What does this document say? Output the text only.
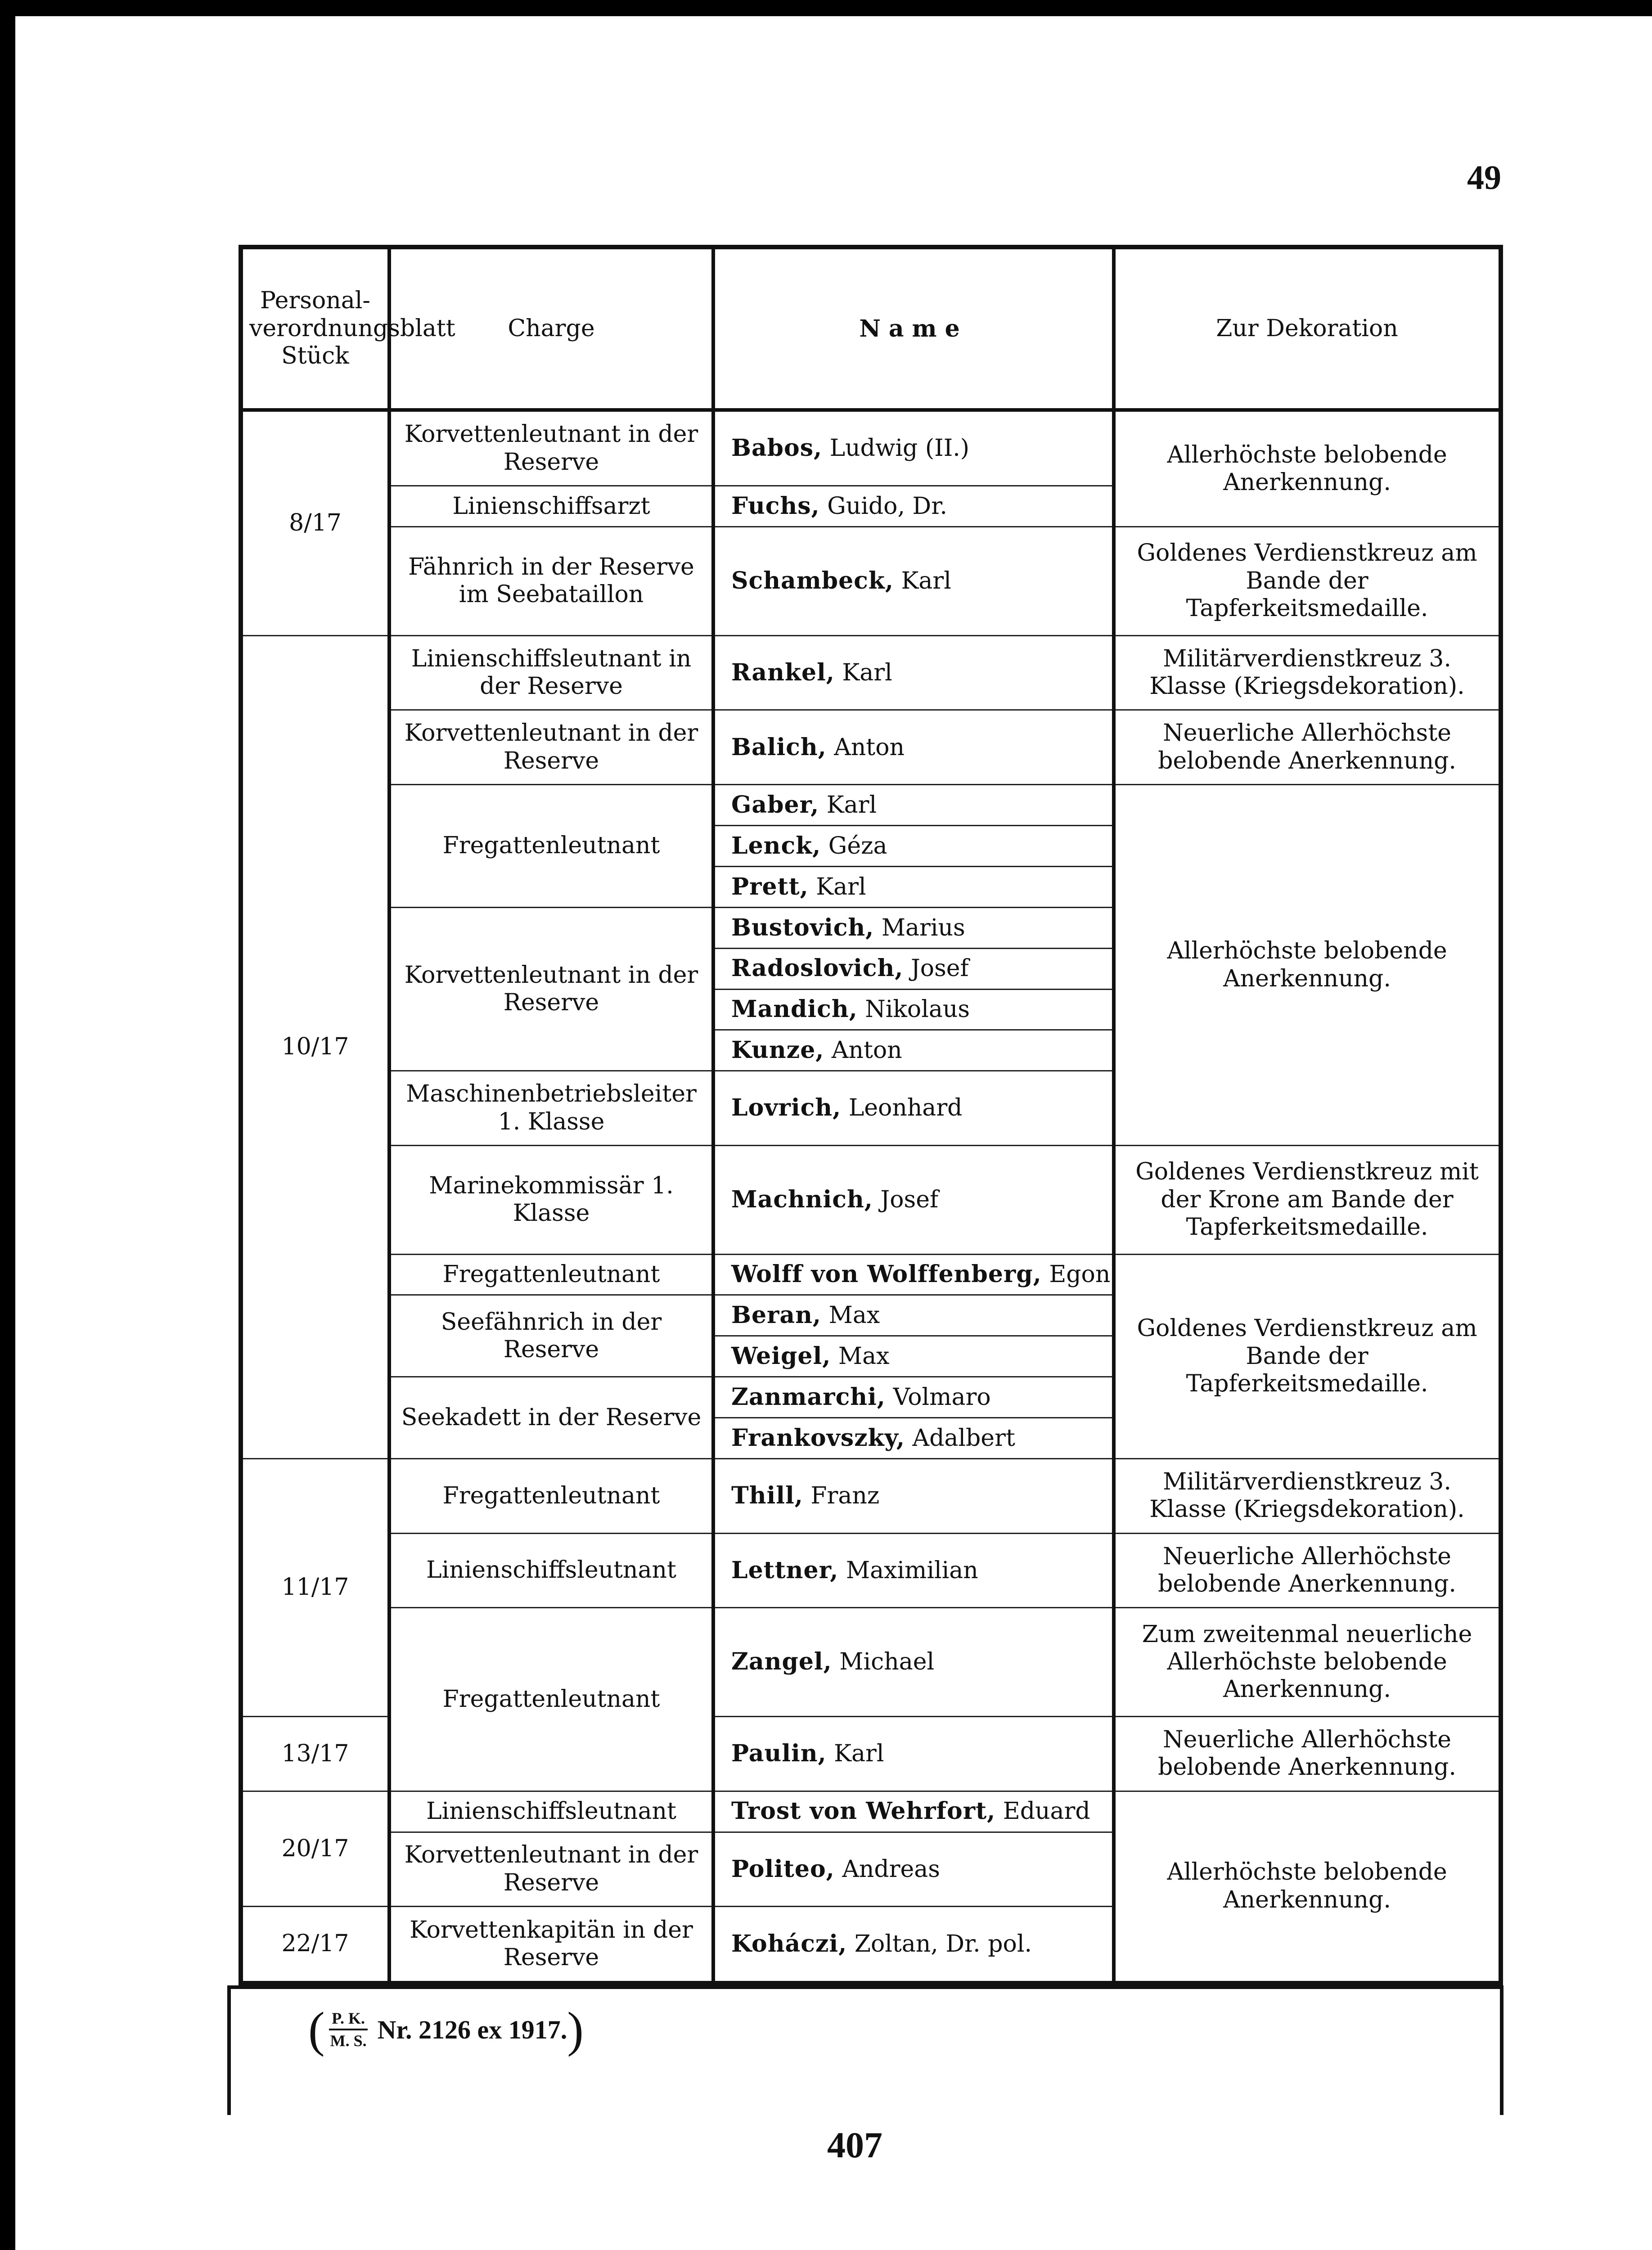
49
Personal-verordnungsblatt Stück	Charge	Name	Zur Dekoration
8/17	Korvettenleutnant in der Reserve	Babos, Ludwig (II.)	Allerhöchste belobende Anerkennung.
	Linienschiffsarzt	Fuchs, Guido, Dr.	
	Fähnrich in der Reserve im Seebataillon	Schambeck, Karl	Goldenes Verdienstkreuz am Bande der Tapferkeitsmedaille.
10/17	Linienschiffsleutnant in der Reserve	Rankel, Karl	Militärverdienstkreuz 3. Klasse (Kriegsdekoration).
	Korvettenleutnant in der Reserve	Balich, Anton	Neuerliche Allerhöchste belobende Anerkennung.
	Fregattenleutnant	Gaber, Karl	Allerhöchste belobende Anerkennung.
		Lenck, Géza	
		Prett, Karl	
	Korvettenleutnant in der Reserve	Bustovich, Marius	
		Radoslovich, Josef	
		Mandich, Nikolaus	
		Kunze, Anton	
	Maschinenbetriebsleiter 1. Klasse	Lovrich, Leonhard	
	Marinekommissär 1. Klasse	Machnich, Josef	Goldenes Verdienstkreuz mit der Krone am Bande der Tapferkeitsmedaille.
	Fregattenleutnant	Wolff von Wolffenberg, Egon	Goldenes Verdienstkreuz am Bande der Tapferkeitsmedaille.
	Seefähnrich in der Reserve	Beran, Max	
		Weigel, Max	
	Seekadett in der Reserve	Zanmarchi, Volmaro	
		Frankovszky, Adalbert	
11/17	Fregattenleutnant	Thill, Franz	Militärverdienstkreuz 3. Klasse (Kriegsdekoration).
	Linienschiffsleutnant	Lettner, Maximilian	Neuerliche Allerhöchste belobende Anerkennung.
	Fregattenleutnant	Zangel, Michael	Zum zweitenmal neuerliche Allerhöchste belobende Anerkennung.
13/17		Paulin, Karl	Neuerliche Allerhöchste belobende Anerkennung.
20/17	Linienschiffsleutnant	Trost von Wehrfort, Eduard	Allerhöchste belobende Anerkennung.
	Korvettenleutnant in der Reserve	Politeo, Andreas	
22/17	Korvettenkapitän in der Reserve	Koháczi, Zoltan, Dr. pol.	
( $\frac{P. K.}{M. S.} Nr$. 2126 ex 1917. )
407
